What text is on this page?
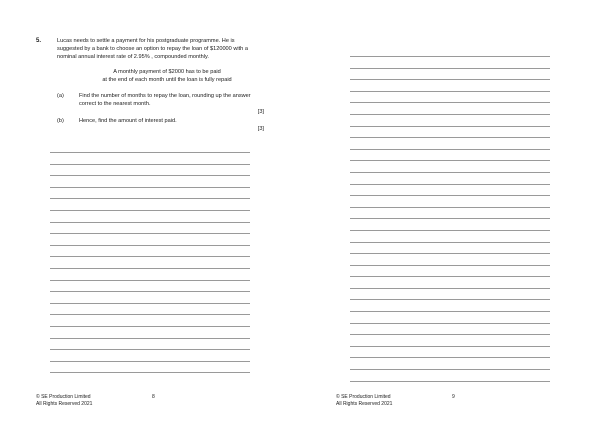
5.	Lucas needs to settle a payment for his postgraduate programme. He is
suggested by a bank to choose an option to repay the loan of $120000 with a
nominal annual interest rate of 2.95% , compounded monthly.
A monthly payment of $2000 has to be paid
at the end of each month until the loan is fully repaid
(a)	Find the number of months to repay the loan, rounding up the answer
correct to the nearest month.
[3]
(b)	Hence, find the amount of interest paid.
[3]
© SE Production Limited
All Rights Reserved 2021
8	© SE Production Limited
All Rights Reserved 2021
9
